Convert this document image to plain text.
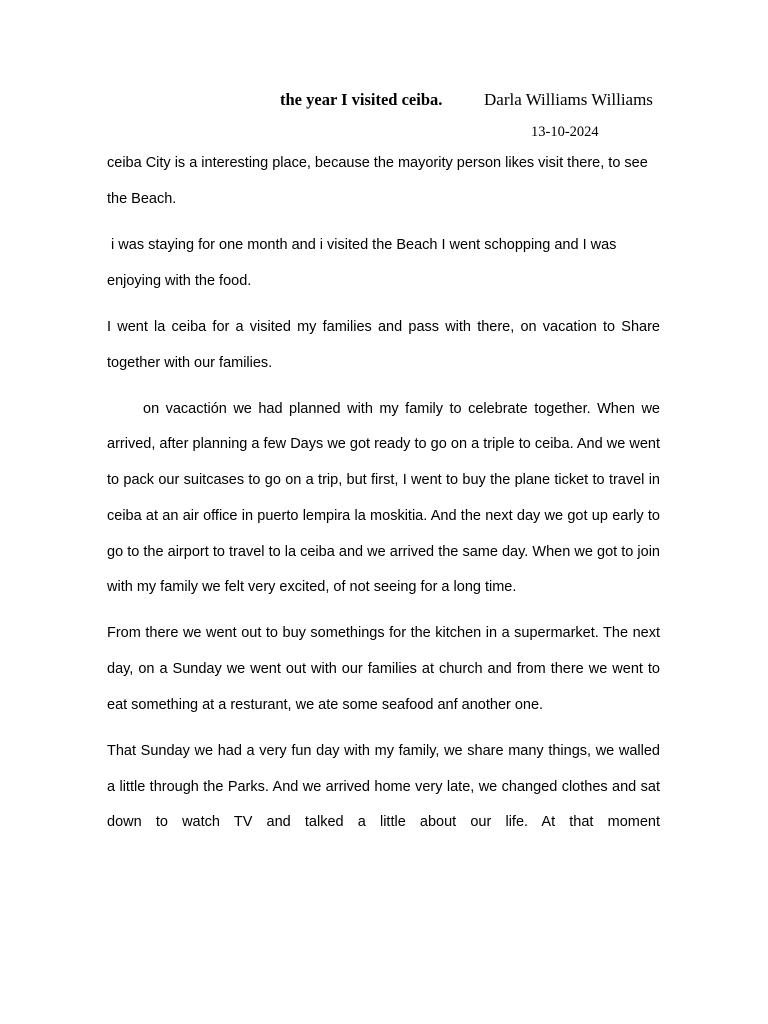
the year I visited ceiba. Darla Williams Williams
13-10-2024

ceiba City is a interesting place, because the mayority person likes visit there, to see the Beach.

i was staying for one month and i visited the Beach I went schopping and I was enjoying with the food.

I went la ceiba for a visited my families and pass with there, on vacation to Share together with our families.

on vacactión we had planned with my family to celebrate together. When we arrived, after planning a few Days we got ready to go on a triple to ceiba. And we went to pack our suitcases to go on a trip, but first, I went to buy the plane ticket to travel in ceiba at an air office in puerto lempira la moskitia. And the next day we got up early to go to the airport to travel to la ceiba and we arrived the same day. When we got to join with my family we felt very excited, of not seeing for a long time.

From there we went out to buy somethings for the kitchen in a supermarket. The next day, on a Sunday we went out with our families at church and from there we went to eat something at a resturant, we ate some seafood anf another one.

That Sunday we had a very fun day with my family, we share many things, we walled a little through the Parks. And we arrived home very late, we changed clothes and sat down to watch TV and talked a little about our life. At that moment
